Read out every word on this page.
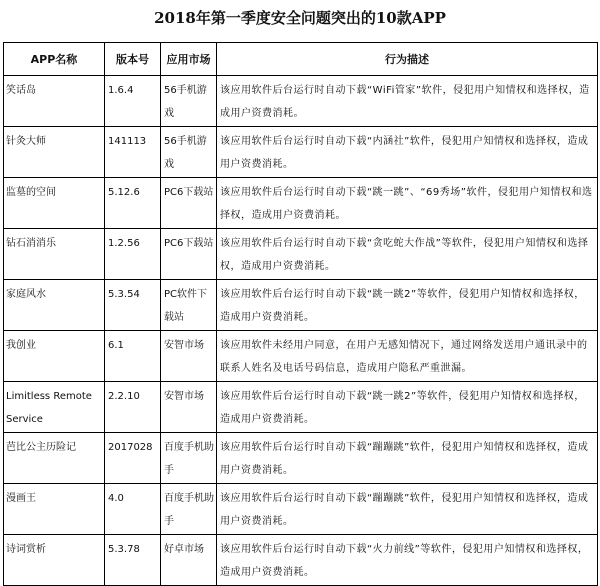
2018年第一季度安全问题突出的10款APP
APP名称	版本号	应用市场	行为描述
笑话岛	1.6.4	56手机游戏	该应用软件后台运行时自动下载“WiFi管家”软件，侵犯用户知情权和选择权，造成用户资费消耗。
针灸大师	141113	56手机游戏	该应用软件后台运行时自动下载“内涵社”软件，侵犯用户知情权和选择权，造成用户资费消耗。
监墓的空间	5.12.6	PC6下载站	该应用软件后台运行时自动下载“跳一跳”、“69秀场”软件，侵犯用户知情权和选择权，造成用户资费消耗。
钻石消消乐	1.2.56	PC6下载站	该应用软件后台运行时自动下载“贪吃蛇大作战”等软件，侵犯用户知情权和选择权，造成用户资费消耗。
家庭风水	5.3.54	PC软件下载站	该应用软件后台运行时自动下载“跳一跳2”等软件，侵犯用户知情权和选择权，造成用户资费消耗。
我创业	6.1	安智市场	该应用软件未经用户同意，在用户无感知情况下，通过网络发送用户通讯录中的联系人姓名及电话号码信息，造成用户隐私严重泄漏。
Limitless Remote Service	2.2.10	安智市场	该应用软件后台运行时自动下载“跳一跳2”等软件，侵犯用户知情权和选择权，造成用户资费消耗。
芭比公主历险记	2017028	百度手机助手	该应用软件后台运行时自动下载“蹦蹦跳”软件，侵犯用户知情权和选择权，造成用户资费消耗。
漫画王	4.0	百度手机助手	该应用软件后台运行时自动下载“蹦蹦跳”软件，侵犯用户知情权和选择权，造成用户资费消耗。
诗词赏析	5.3.78	好卓市场	该应用软件后台运行时自动下载“火力前线”等软件，侵犯用户知情权和选择权，造成用户资费消耗。
